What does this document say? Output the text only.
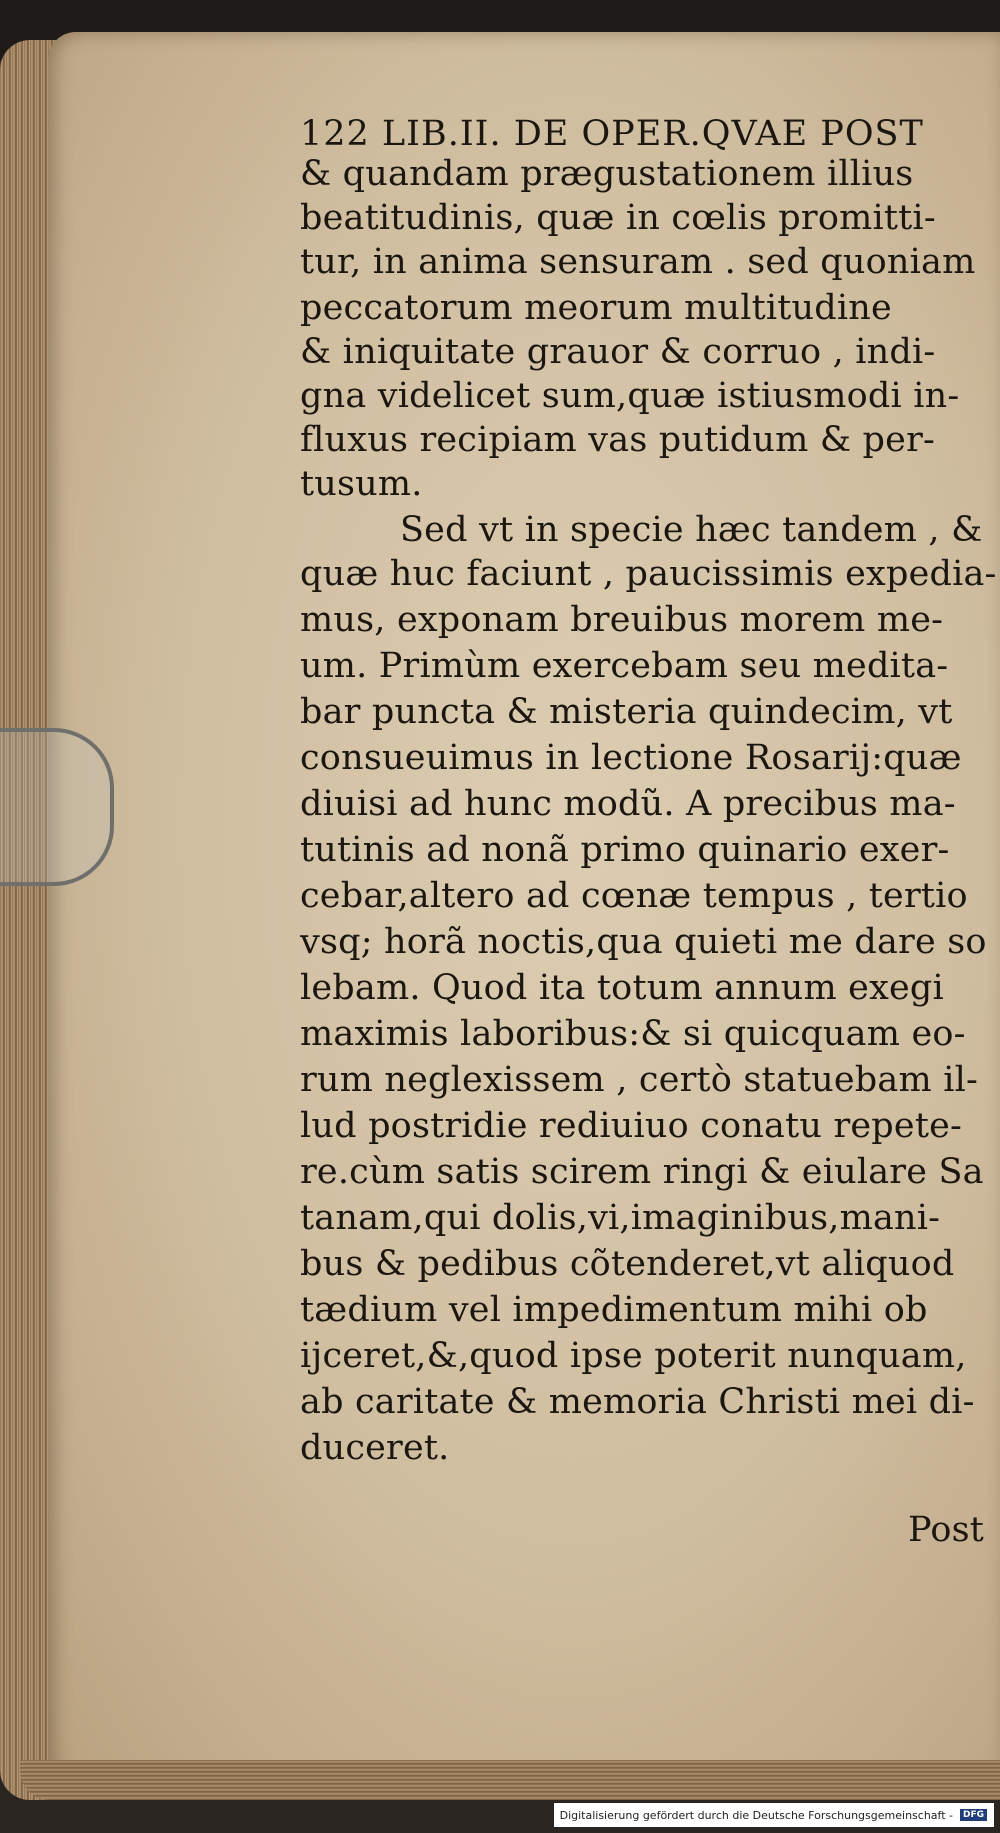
122 LIB.II. DE OPER.QVAE POST
& quandam prægustationem illius
beatitudinis, quæ in cœlis promitti-
tur, in anima sensuram . sed quoniam
peccatorum meorum multitudine
& iniquitate grauor & corruo , indi-
gna videlicet sum,quæ istiusmodi in-
fluxus recipiam vas putidum & per-
tusum.
Sed vt in specie hæc tandem , &
quæ huc faciunt , paucissimis expedia-
mus, exponam breuibus morem me-
um. Primùm exercebam seu medita-
bar puncta & misteria quindecim, vt
consueuimus in lectione Rosarij:quæ
diuisi ad hunc modũ. A precibus ma-
tutinis ad nonã primo quinario exer-
cebar,altero ad cœnæ tempus , tertio
vsq; horã noctis,qua quieti me dare so
lebam. Quod ita totum annum exegi
maximis laboribus:& si quicquam eo-
rum neglexissem , certò statuebam il-
lud postridie rediuiuo conatu repete-
re.cùm satis scirem ringi & eiulare Sa
tanam,qui dolis,vi,imaginibus,mani-
bus & pedibus cõtenderet,vt aliquod
tædium vel impedimentum mihi ob
ijceret,&,quod ipse poterit nunquam,
ab caritate & memoria Christi mei di-
duceret.
Post
Digitalisierung gefördert durch die Deutsche Forschungsgemeinschaft -	DFG
